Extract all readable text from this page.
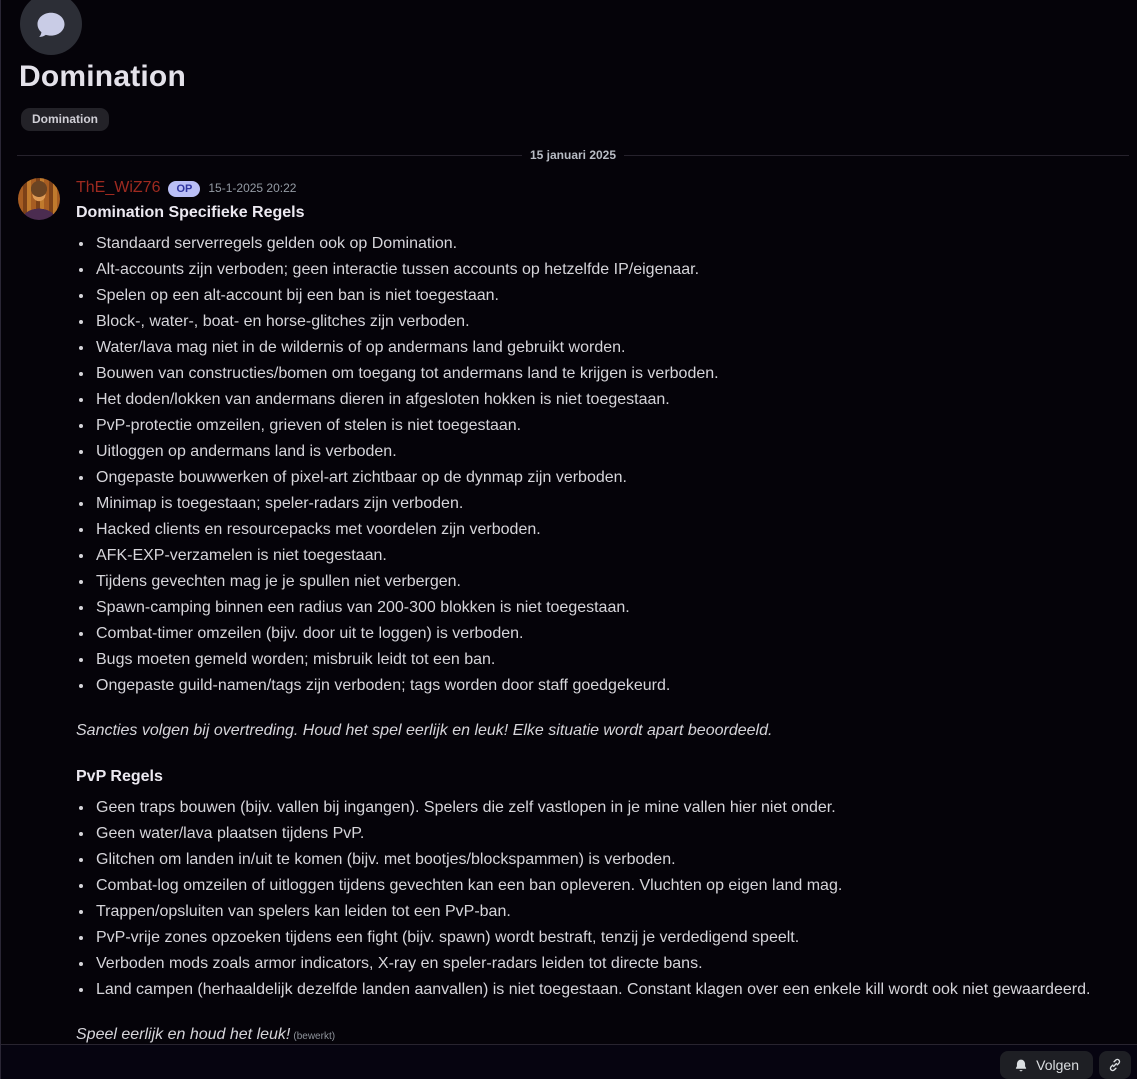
Domination
Domination
15 januari 2025
ThE_WiZ76	OP	15-1-2025 20:22
Domination Specifieke Regels
• Standaard serverregels gelden ook op Domination.
• Alt-accounts zijn verboden; geen interactie tussen accounts op hetzelfde IP/eigenaar.
• Spelen op een alt-account bij een ban is niet toegestaan.
• Block-, water-, boat- en horse-glitches zijn verboden.
• Water/lava mag niet in de wildernis of op andermans land gebruikt worden.
• Bouwen van constructies/bomen om toegang tot andermans land te krijgen is verboden.
• Het doden/lokken van andermans dieren in afgesloten hokken is niet toegestaan.
• PvP-protectie omzeilen, grieven of stelen is niet toegestaan.
• Uitloggen op andermans land is verboden.
• Ongepaste bouwwerken of pixel-art zichtbaar op de dynmap zijn verboden.
• Minimap is toegestaan; speler-radars zijn verboden.
• Hacked clients en resourcepacks met voordelen zijn verboden.
• AFK-EXP-verzamelen is niet toegestaan.
• Tijdens gevechten mag je je spullen niet verbergen.
• Spawn-camping binnen een radius van 200-300 blokken is niet toegestaan.
• Combat-timer omzeilen (bijv. door uit te loggen) is verboden.
• Bugs moeten gemeld worden; misbruik leidt tot een ban.
• Ongepaste guild-namen/tags zijn verboden; tags worden door staff goedgekeurd.

Sancties volgen bij overtreding. Houd het spel eerlijk en leuk! Elke situatie wordt apart beoordeeld.

PvP Regels
• Geen traps bouwen (bijv. vallen bij ingangen). Spelers die zelf vastlopen in je mine vallen hier niet onder.
• Geen water/lava plaatsen tijdens PvP.
• Glitchen om landen in/uit te komen (bijv. met bootjes/blockspammen) is verboden.
• Combat-log omzeilen of uitloggen tijdens gevechten kan een ban opleveren. Vluchten op eigen land mag.
• Trappen/opsluiten van spelers kan leiden tot een PvP-ban.
• PvP-vrije zones opzoeken tijdens een fight (bijv. spawn) wordt bestraft, tenzij je verdedigend speelt.
• Verboden mods zoals armor indicators, X-ray en speler-radars leiden tot directe bans.
• Land campen (herhaaldelijk dezelfde landen aanvallen) is niet toegestaan. Constant klagen over een enkele kill wordt ook niet gewaardeerd.

Speel eerlijk en houd het leuk! (bewerkt)

Volgen
